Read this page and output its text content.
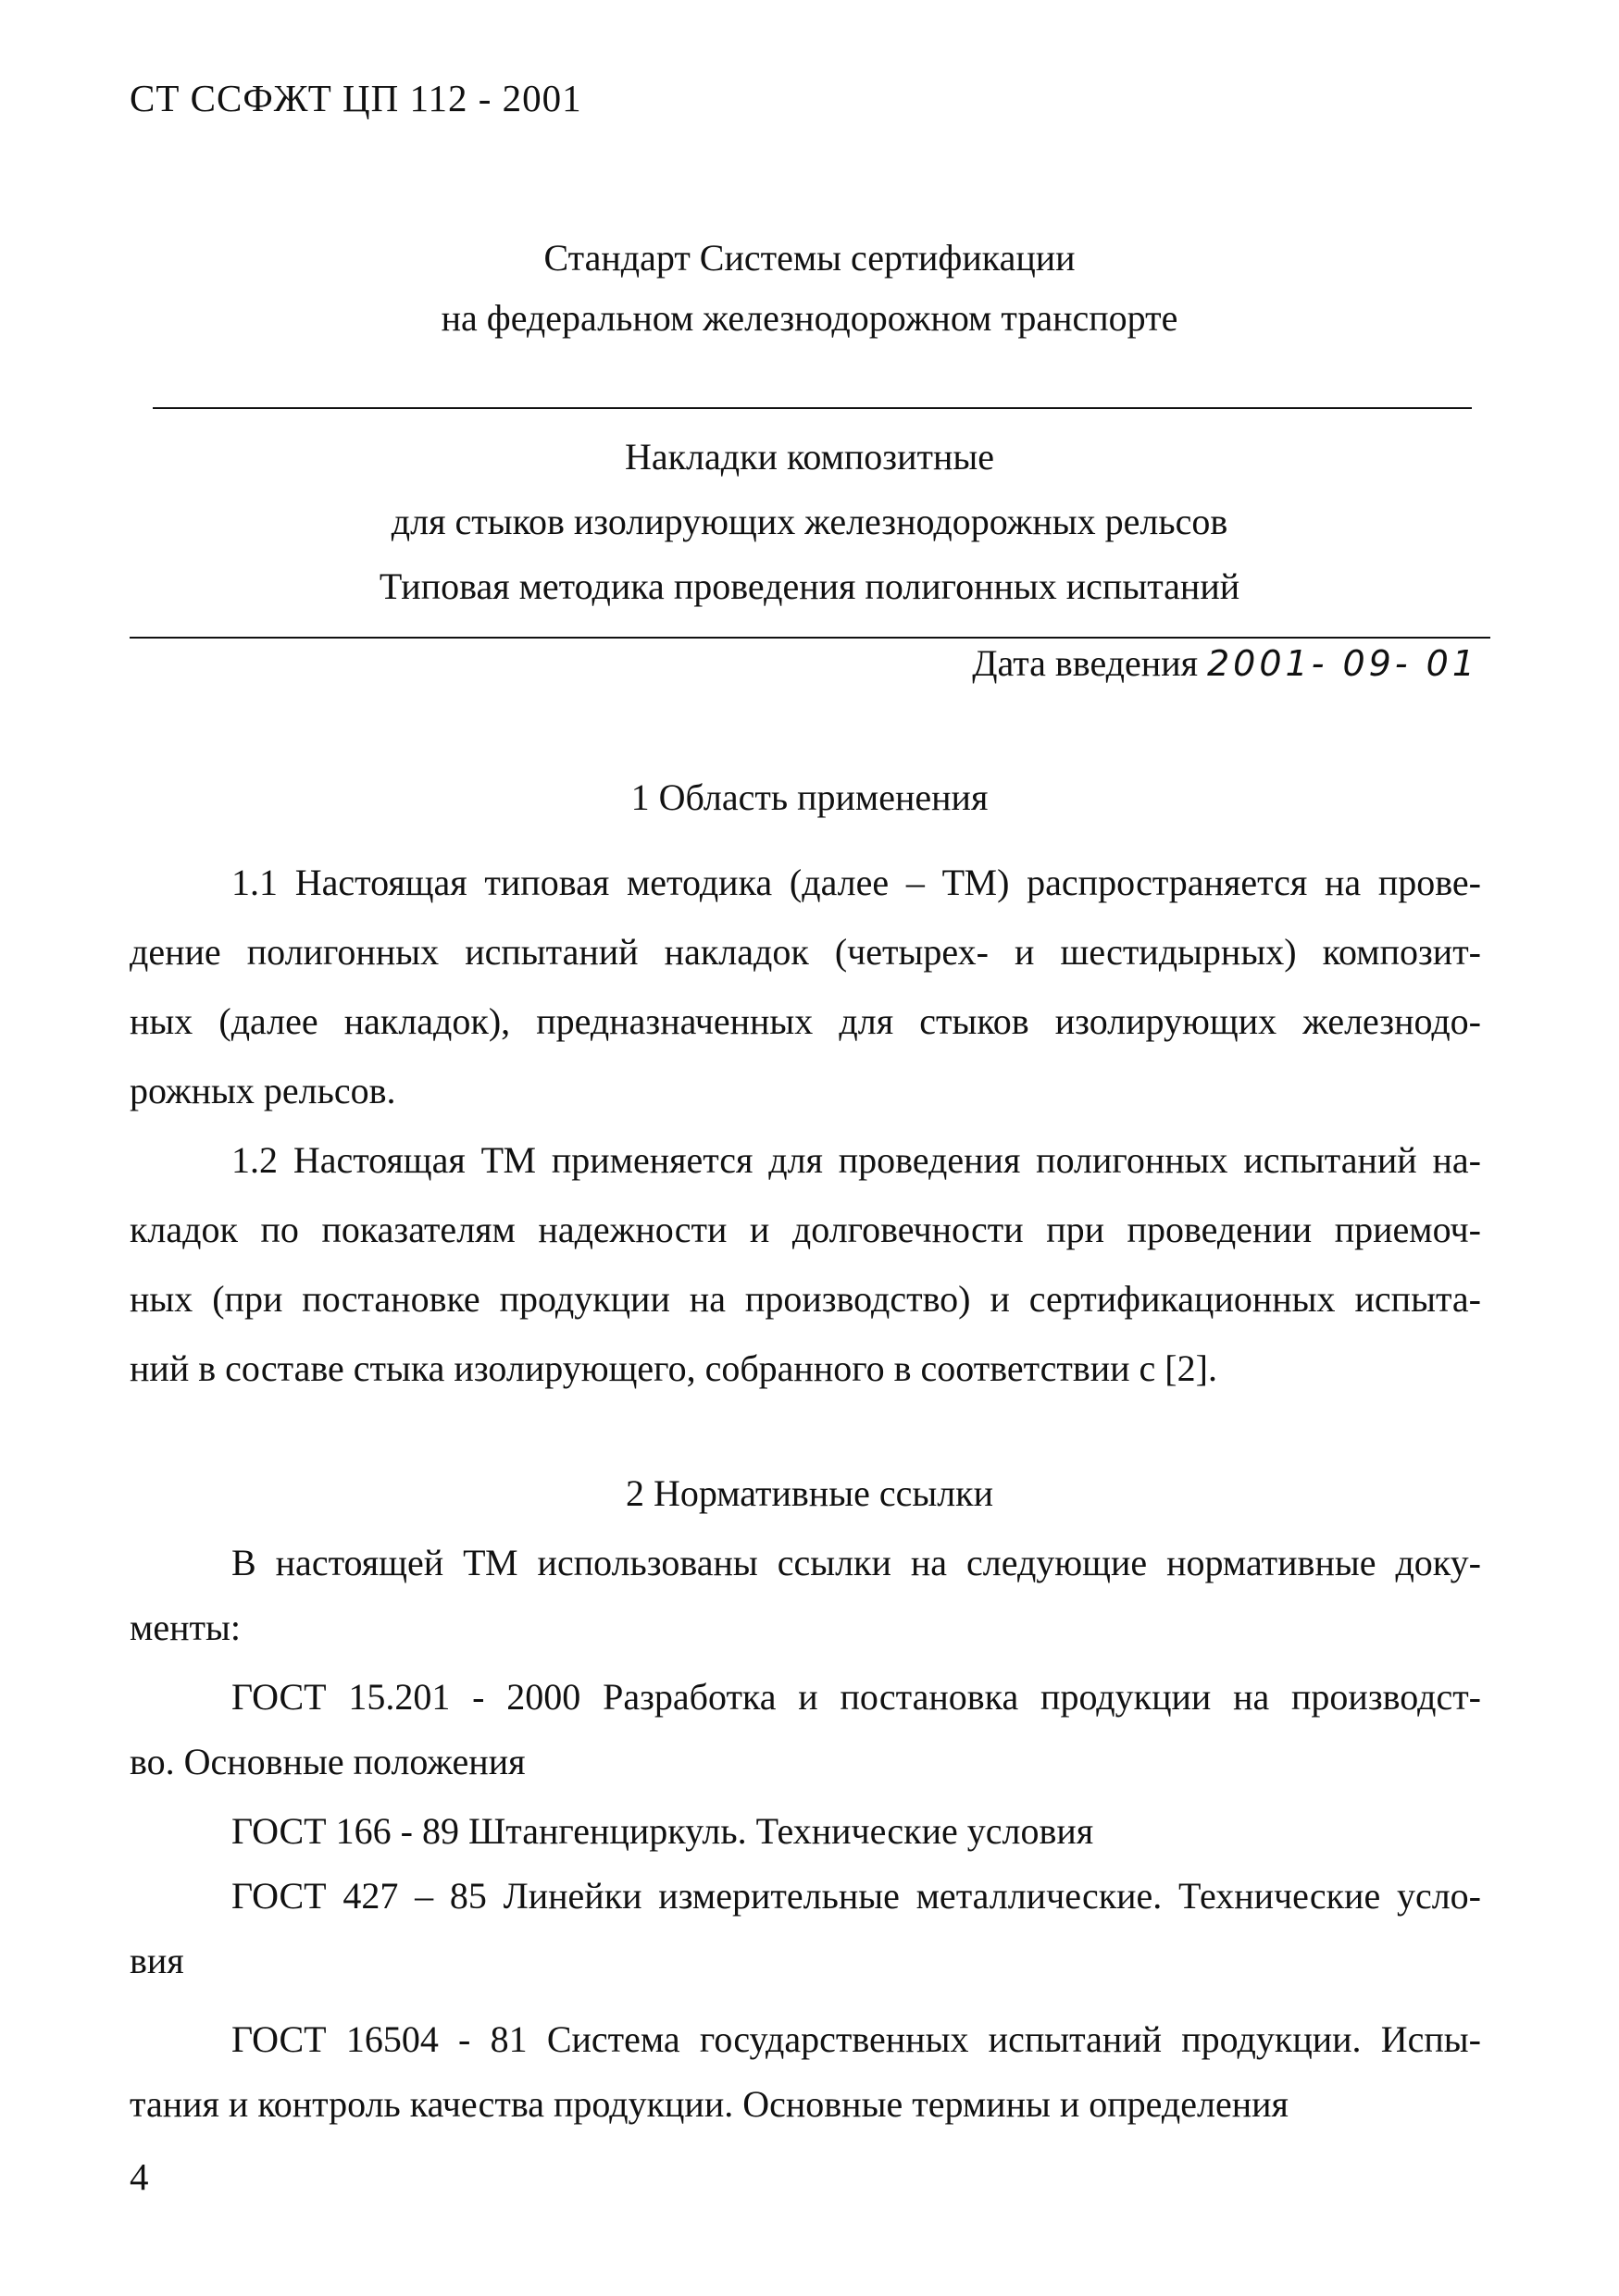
СТ ССФЖТ ЦП 112 - 2001
Стандарт Системы сертификации
на федеральном железнодорожном транспорте
Накладки композитные
для стыков изолирующих железнодорожных рельсов
Типовая методика проведения полигонных испытаний
Дата введения 2001- 09- 01
1 Область применения
1.1 Настоящая типовая методика (далее – ТМ) распространяется на прове-
дение полигонных испытаний накладок (четырех- и шестидырных) композит-
ных (далее накладок), предназначенных для стыков изолирующих железнодо-
рожных рельсов.
1.2 Настоящая ТМ применяется для проведения полигонных испытаний на-
кладок по показателям надежности и долговечности при проведении приемоч-
ных (при постановке продукции на производство) и сертификационных испыта-
ний в составе стыка изолирующего, собранного в соответствии с [2].
2 Нормативные ссылки
В настоящей ТМ использованы ссылки на следующие нормативные доку-
менты:
ГОСТ 15.201 - 2000 Разработка и постановка продукции на производст-
во. Основные положения
ГОСТ 166 - 89 Штангенциркуль. Технические условия
ГОСТ 427 – 85 Линейки измерительные металлические. Технические усло-
вия
ГОСТ 16504 - 81 Система государственных испытаний продукции. Испы-
тания и контроль качества продукции. Основные термины и определения
4
